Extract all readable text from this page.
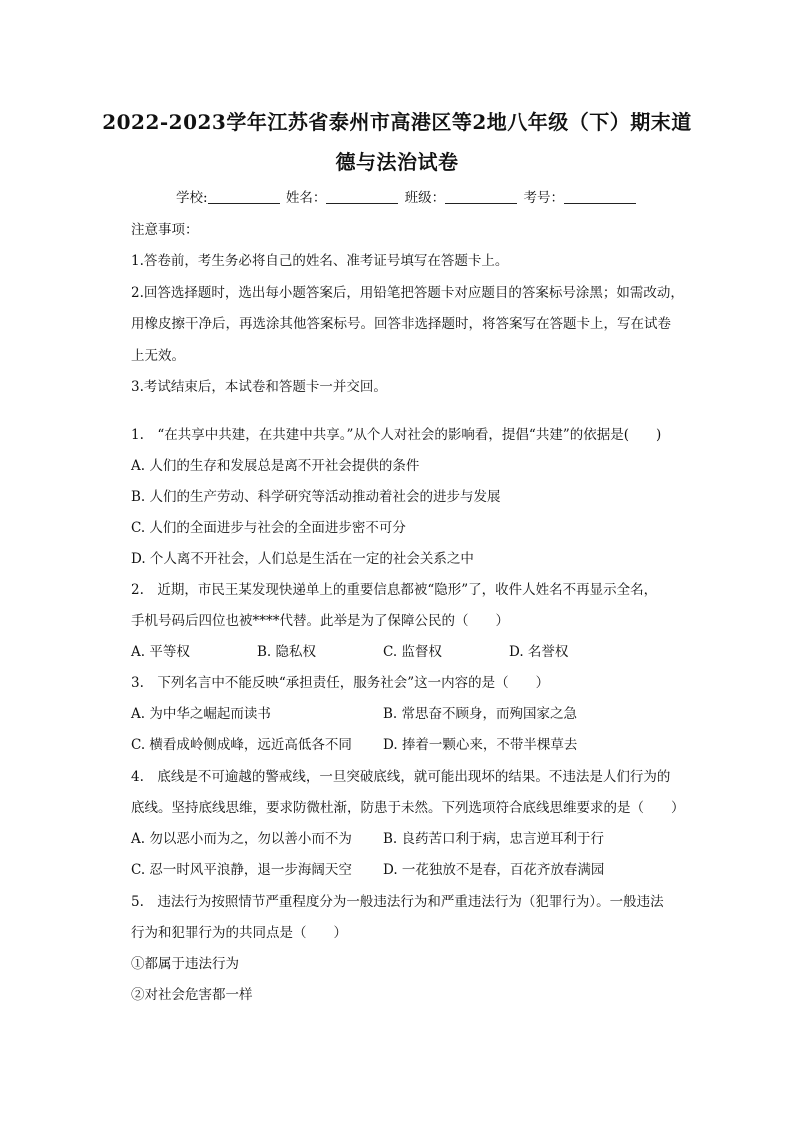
2022-2023学年江苏省泰州市高港区等2地八年级（下）期末道
德与法治试卷
学校:	姓名：	班级：	考号：
注意事项：
1.答卷前，考生务必将自己的姓名、准考证号填写在答题卡上。
2.回答选择题时，选出每小题答案后，用铅笔把答题卡对应题目的答案标号涂黑；如需改动，
用橡皮擦干净后，再选涂其他答案标号。回答非选择题时，将答案写在答题卡上，写在试卷
上无效。
3.考试结束后，本试卷和答题卡一并交回。
1.　“在共享中共建，在共建中共享。”从个人对社会的影响看，提倡“共建”的依据是(　　)
A. 人们的生存和发展总是离不开社会提供的条件
B. 人们的生产劳动、科学研究等活动推动着社会的进步与发展
C. 人们的全面进步与社会的全面进步密不可分
D. 个人离不开社会，人们总是生活在一定的社会关系之中
2.　近期，市民王某发现快递单上的重要信息都被“隐形”了，收件人姓名不再显示全名，
手机号码后四位也被****代替。此举是为了保障公民的（　　）
A. 平等权	B. 隐私权	C. 监督权	D. 名誉权
3.　下列名言中不能反映“承担责任，服务社会”这一内容的是（　　）
A. 为中华之崛起而读书	B. 常思奋不顾身，而殉国家之急
C. 横看成岭侧成峰，远近高低各不同 D. 捧着一颗心来，不带半棵草去
4.　底线是不可逾越的警戒线，一旦突破底线，就可能出现坏的结果。不违法是人们行为的
底线。坚持底线思维，要求防微杜渐，防患于未然。下列选项符合底线思维要求的是（　　）
A. 勿以恶小而为之，勿以善小而不为 B. 良药苦口利于病，忠言逆耳利于行
C. 忍一时风平浪静，退一步海阔天空 D. 一花独放不是春，百花齐放春满园
5.　违法行为按照情节严重程度分为一般违法行为和严重违法行为（犯罪行为）。一般违法
行为和犯罪行为的共同点是（　　）
①都属于违法行为
②对社会危害都一样
